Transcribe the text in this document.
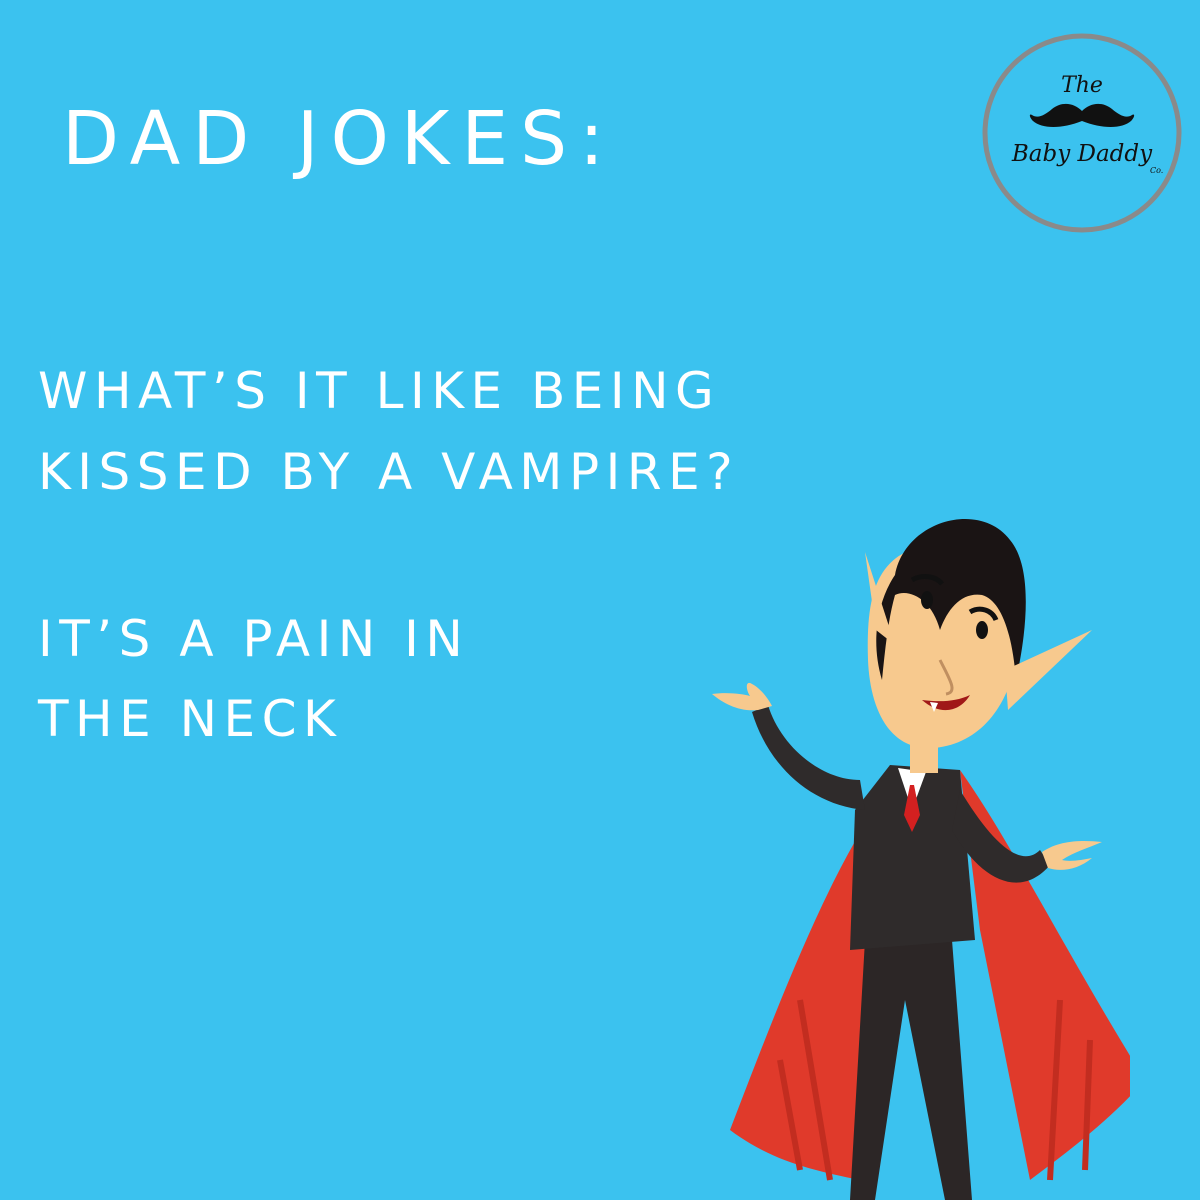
DAD JOKES:
WHAT’S IT LIKE BEING
KISSED BY A VAMPIRE?
IT’S A PAIN IN
THE NECK
The
Baby Daddy
Co.
